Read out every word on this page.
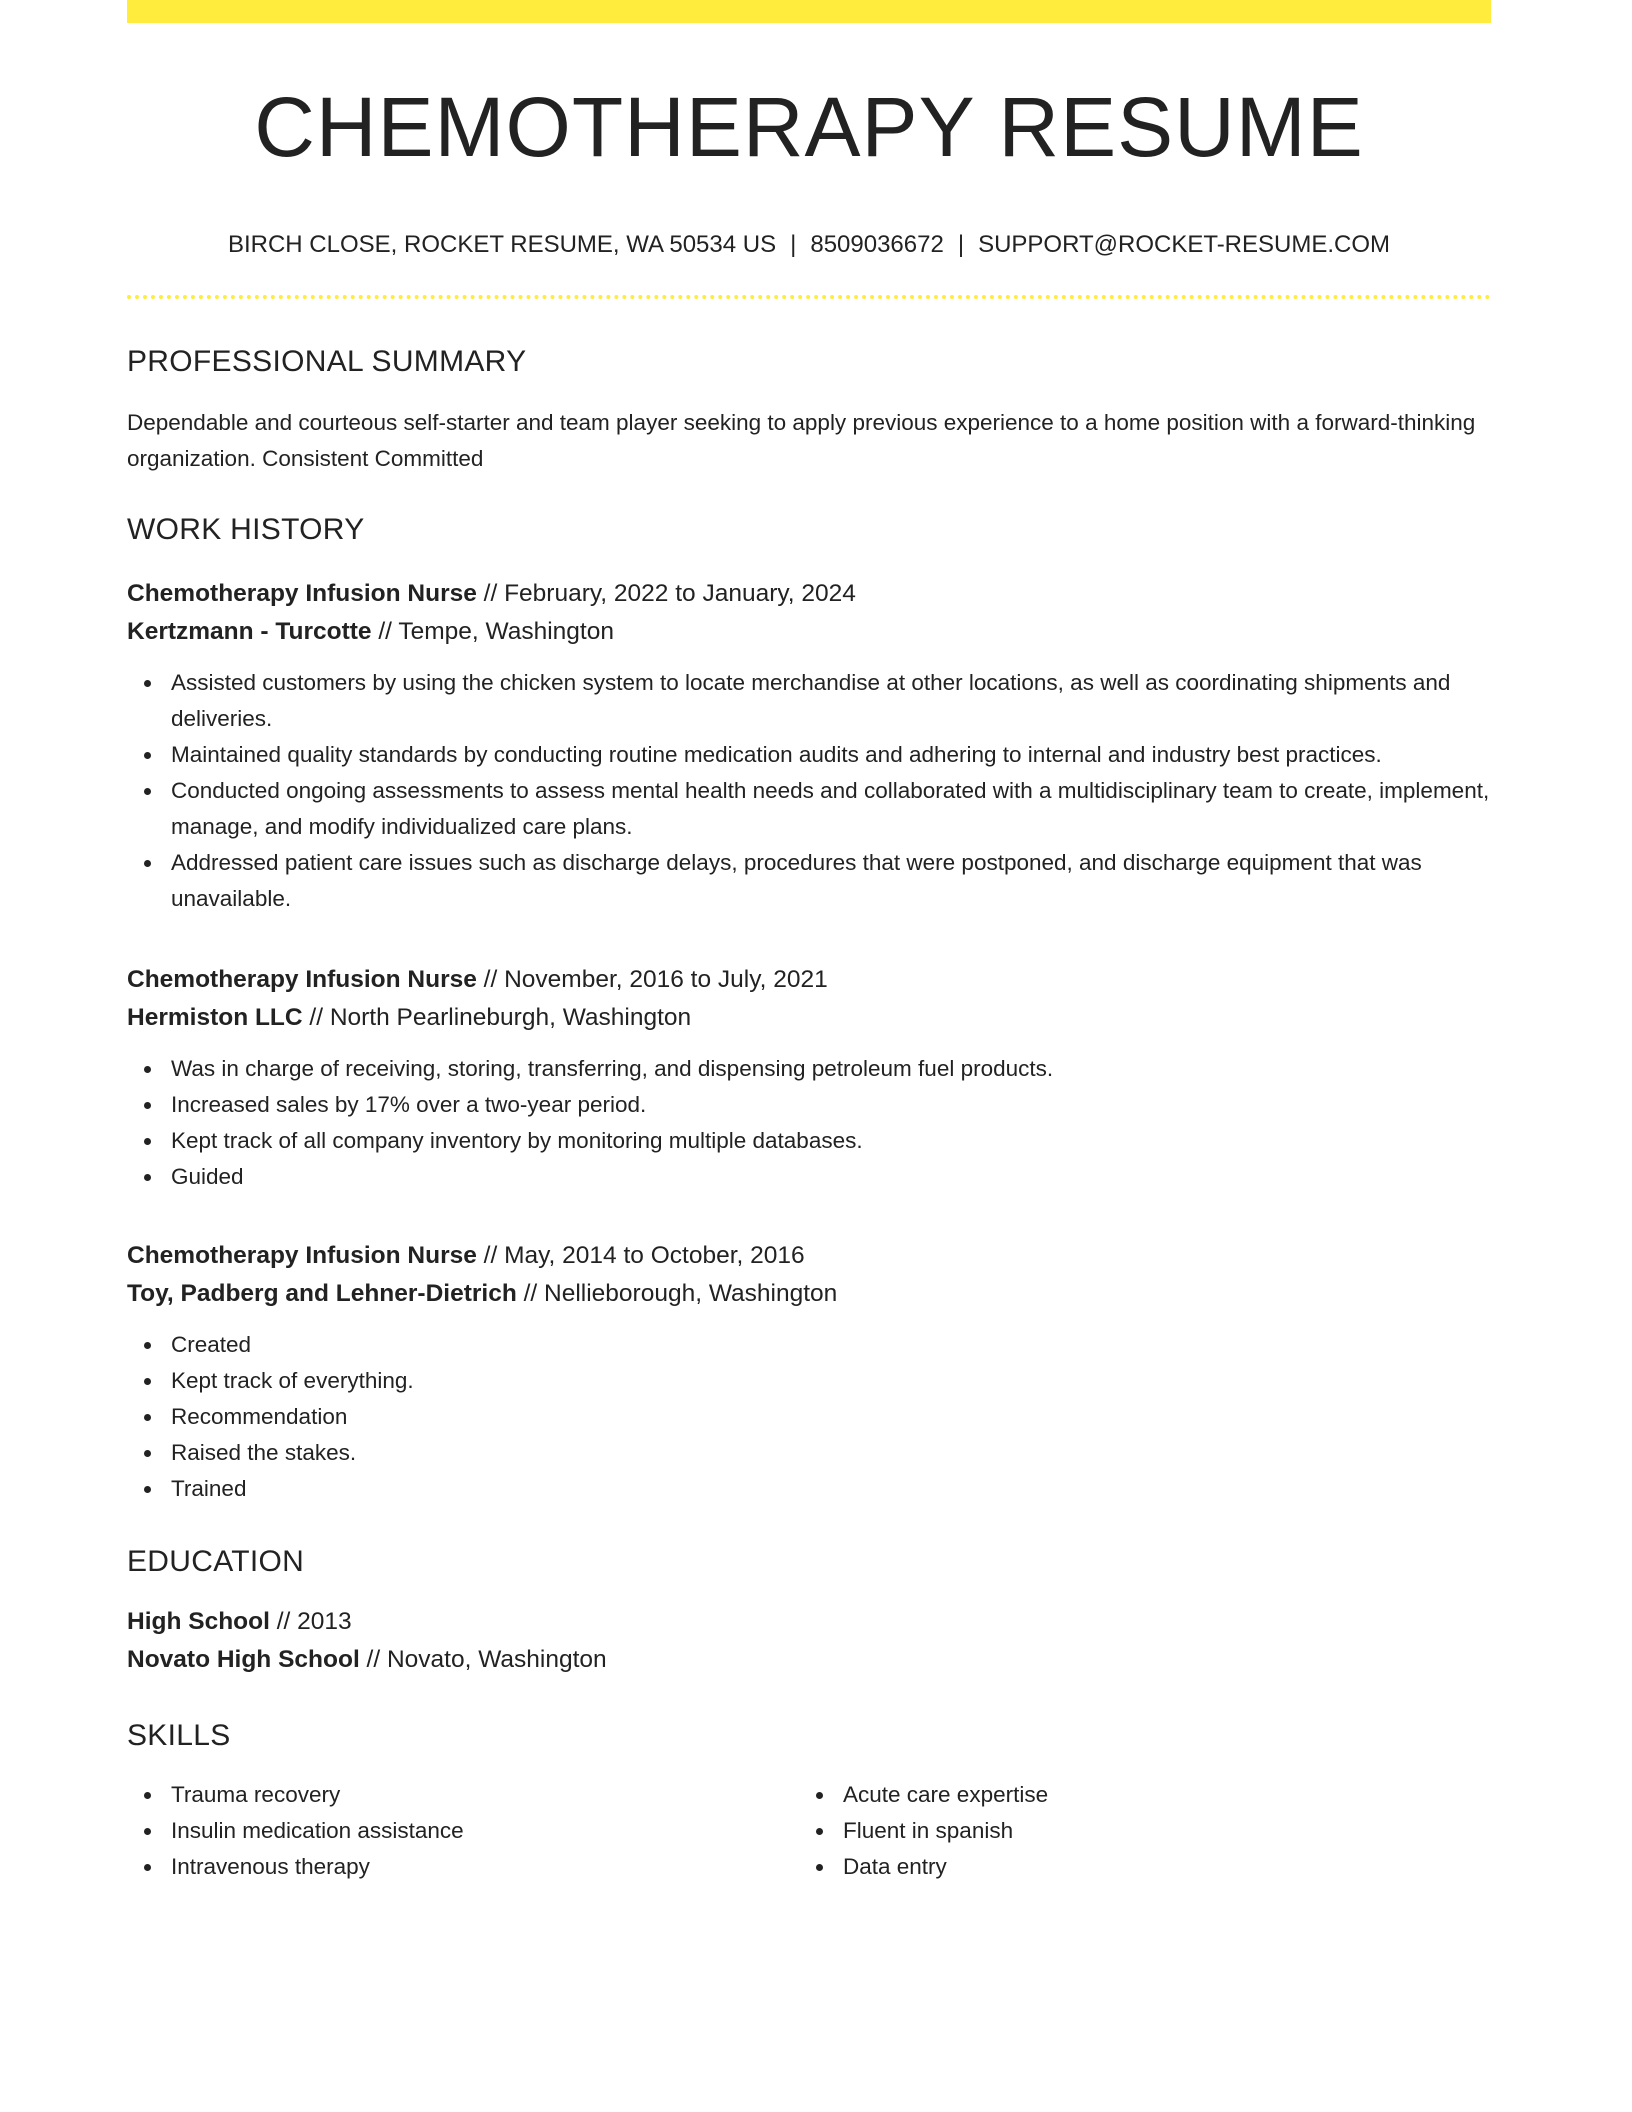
CHEMOTHERAPY RESUME
BIRCH CLOSE, ROCKET RESUME, WA 50534 US | 8509036672 | SUPPORT@ROCKET-RESUME.COM
PROFESSIONAL SUMMARY

Dependable and courteous self-starter and team player seeking to apply previous experience to a home position with a forward-thinking organization. Consistent Committed

WORK HISTORY
Chemotherapy Infusion Nurse // February, 2022 to January, 2024
Kertzmann - Turcotte // Tempe, Washington
Assisted customers by using the chicken system to locate merchandise at other locations, as well as coordinating shipments and deliveries.
Maintained quality standards by conducting routine medication audits and adhering to internal and industry best practices.
Conducted ongoing assessments to assess mental health needs and collaborated with a multidisciplinary team to create, implement, manage, and modify individualized care plans.
Addressed patient care issues such as discharge delays, procedures that were postponed, and discharge equipment that was unavailable.
Chemotherapy Infusion Nurse // November, 2016 to July, 2021
Hermiston LLC // North Pearlineburgh, Washington
Was in charge of receiving, storing, transferring, and dispensing petroleum fuel products.
Increased sales by 17% over a two-year period.
Kept track of all company inventory by monitoring multiple databases.
Guided
Chemotherapy Infusion Nurse // May, 2014 to October, 2016
Toy, Padberg and Lehner-Dietrich // Nellieborough, Washington
Created
Kept track of everything.
Recommendation
Raised the stakes.
Trained
EDUCATION
High School // 2013
Novato High School // Novato, Washington
SKILLS
Trauma recovery
Insulin medication assistance
Intravenous therapy
Acute care expertise
Fluent in spanish
Data entry
